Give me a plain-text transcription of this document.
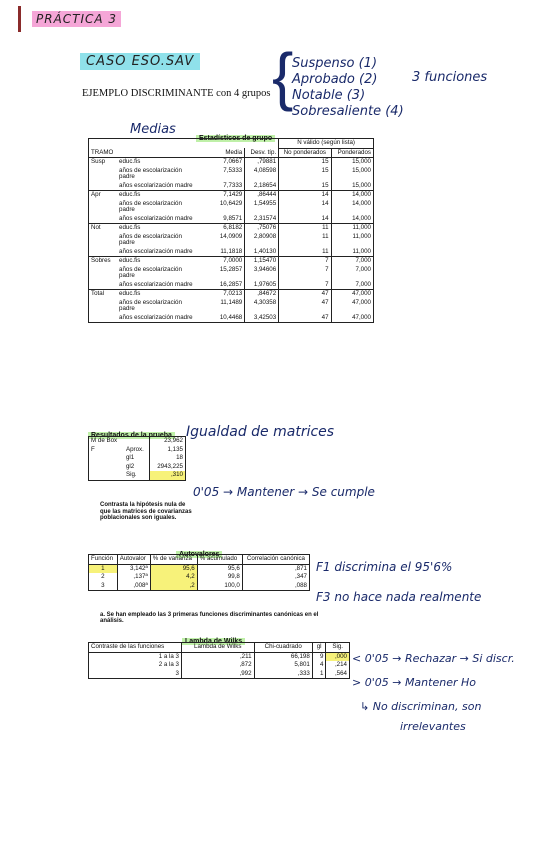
PRÁCTICA 3
CASO ESO.SAV
EJEMPLO DISCRIMINANTE con 4 grupos {
Suspenso (1)
Aprobado (2)
Notable (3)
Sobresaliente (4)
3 funciones
Medias
Estadísticos de grupo
					N válido (según lista)	
TRAMO			Media	Desv. típ.	No ponderados	Ponderados
Susp	educ.fis		7,0667	,79881	15	15,000
	años de escolarización padre		7,5333	4,08598	15	15,000
	años escolarización madre		7,7333	2,18654	15	15,000
Apr	educ.fis		7,1429	,86444	14	14,000
	años de escolarización padre		10,6429	1,54955	14	14,000
	años escolarización madre		9,8571	2,31574	14	14,000
Not	educ.fis		6,8182	,75076	11	11,000
	años de escolarización padre		14,0909	2,80908	11	11,000
	años escolarización madre		11,1818	1,40130	11	11,000
Sobres	educ.fis		7,0000	1,15470	7	7,000
	años de escolarización padre		15,2857	3,94606	7	7,000
	años escolarización madre		16,2857	1,97605	7	7,000
Total	educ.fis		7,0213	,84672	47	47,000
	años de escolarización padre		11,1489	4,30358	47	47,000
	años escolarización madre		10,4468	3,42503	47	47,000
Resultados de la prueba Igualdad de matrices
M de Box		23,962
F	Aprox.	1,135
	gl1	18
	gl2	2943,225
	Sig.	,310
0'05 → Mantener → Se cumple
Contrasta la hipótesis nula de que las matrices de covarianzas poblacionales son iguales.
Autovalores
Función	Autovalor	% de varianza	% acumulado	Correlación canónica
1	3,142ª	95,6	95,6	,871
2	,137ª	4,2	99,8	,347
3	,008ª	,2	100,0	,088
F1 discrimina el 95'6%
F3 no hace nada realmente
a. Se han empleado las 3 primeras funciones discriminantes canónicas en el análisis.
Lambda de Wilks
Contraste de las funciones	Lambda de Wilks	Chi-cuadrado	gl	Sig.
1 a la 3	,211	66,198	9	,000
2 a la 3	,872	5,801	4	,214
3	,992	,333	1	,564
< 0'05 → Rechazar → Si discr.
> 0'05 → Mantener Ho
↳ No discriminan, son
irrelevantes
